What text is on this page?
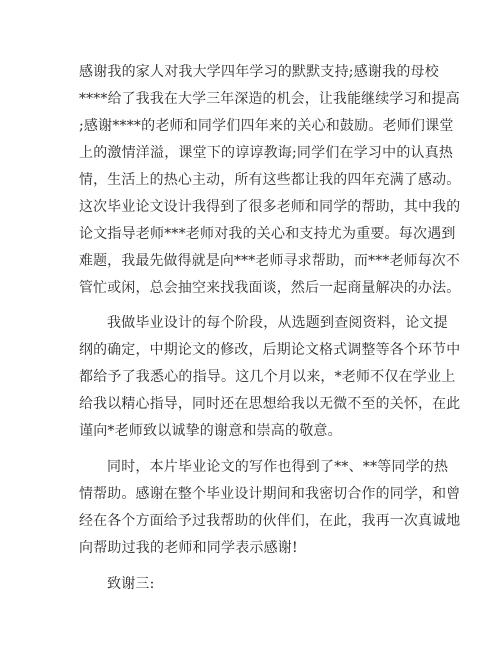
感谢我的家人对我大学四年学习的默默支持;感谢我的母校
****给了我我在大学三年深造的机会，让我能继续学习和提高
;感谢****的老师和同学们四年来的关心和鼓励。老师们课堂
上的激情洋溢，课堂下的谆谆教诲;同学们在学习中的认真热
情，生活上的热心主动，所有这些都让我的四年充满了感动。
这次毕业论文设计我得到了很多老师和同学的帮助，其中我的
论文指导老师***老师对我的关心和支持尤为重要。每次遇到
难题，我最先做得就是向***老师寻求帮助，而***老师每次不
管忙或闲，总会抽空来找我面谈，然后一起商量解决的办法。
我做毕业设计的每个阶段，从选题到查阅资料，论文提
纲的确定，中期论文的修改，后期论文格式调整等各个环节中
都给予了我悉心的指导。这几个月以来，*老师不仅在学业上
给我以精心指导，同时还在思想给我以无微不至的关怀，在此
谨向*老师致以诚挚的谢意和崇高的敬意。
同时，本片毕业论文的写作也得到了**、**等同学的热
情帮助。感谢在整个毕业设计期间和我密切合作的同学，和曾
经在各个方面给予过我帮助的伙伴们，在此，我再一次真诚地
向帮助过我的老师和同学表示感谢!
致谢三:
